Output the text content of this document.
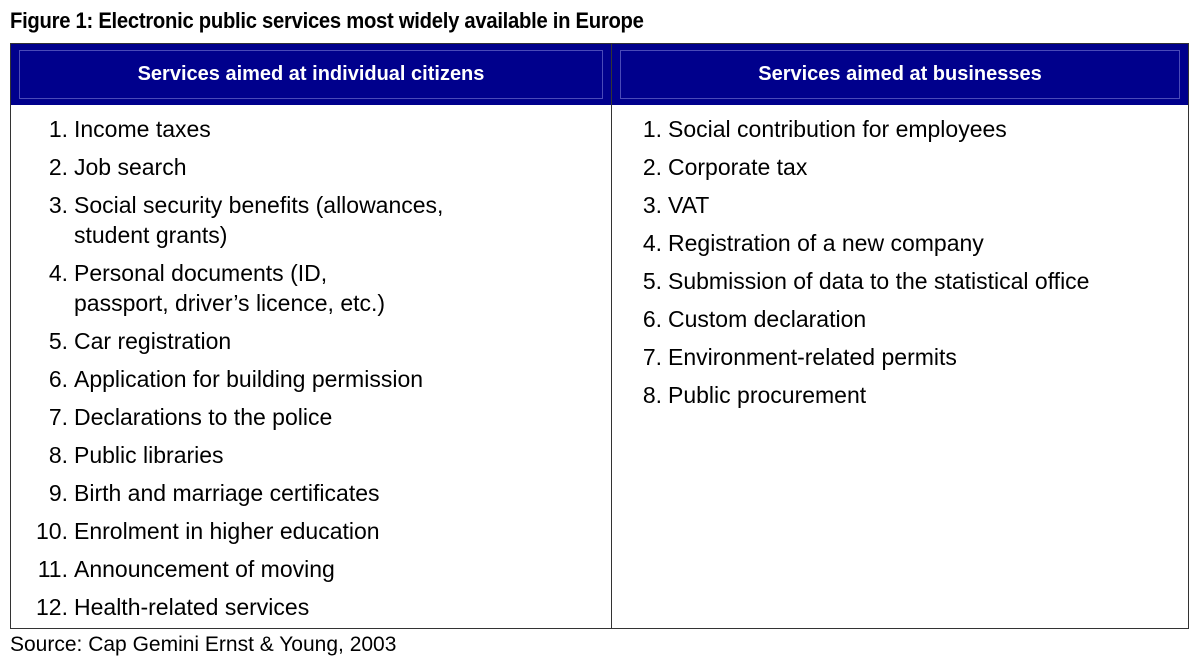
Figure 1: Electronic public services most widely available in Europe
Services aimed at individual citizens
1. Income taxes
2. Job search
3. Social security benefits (allowances,
student grants)
4. Personal documents (ID,
passport, driver’s licence, etc.)
5. Car registration
6. Application for building permission
7. Declarations to the police
8. Public libraries
9. Birth and marriage certificates
10. Enrolment in higher education
11. Announcement of moving
12. Health-related services
Services aimed at businesses
1. Social contribution for employees
2. Corporate tax
3. VAT
4. Registration of a new company
5. Submission of data to the statistical office
6. Custom declaration
7. Environment-related permits
8. Public procurement

Source: Cap Gemini Ernst & Young, 2003
